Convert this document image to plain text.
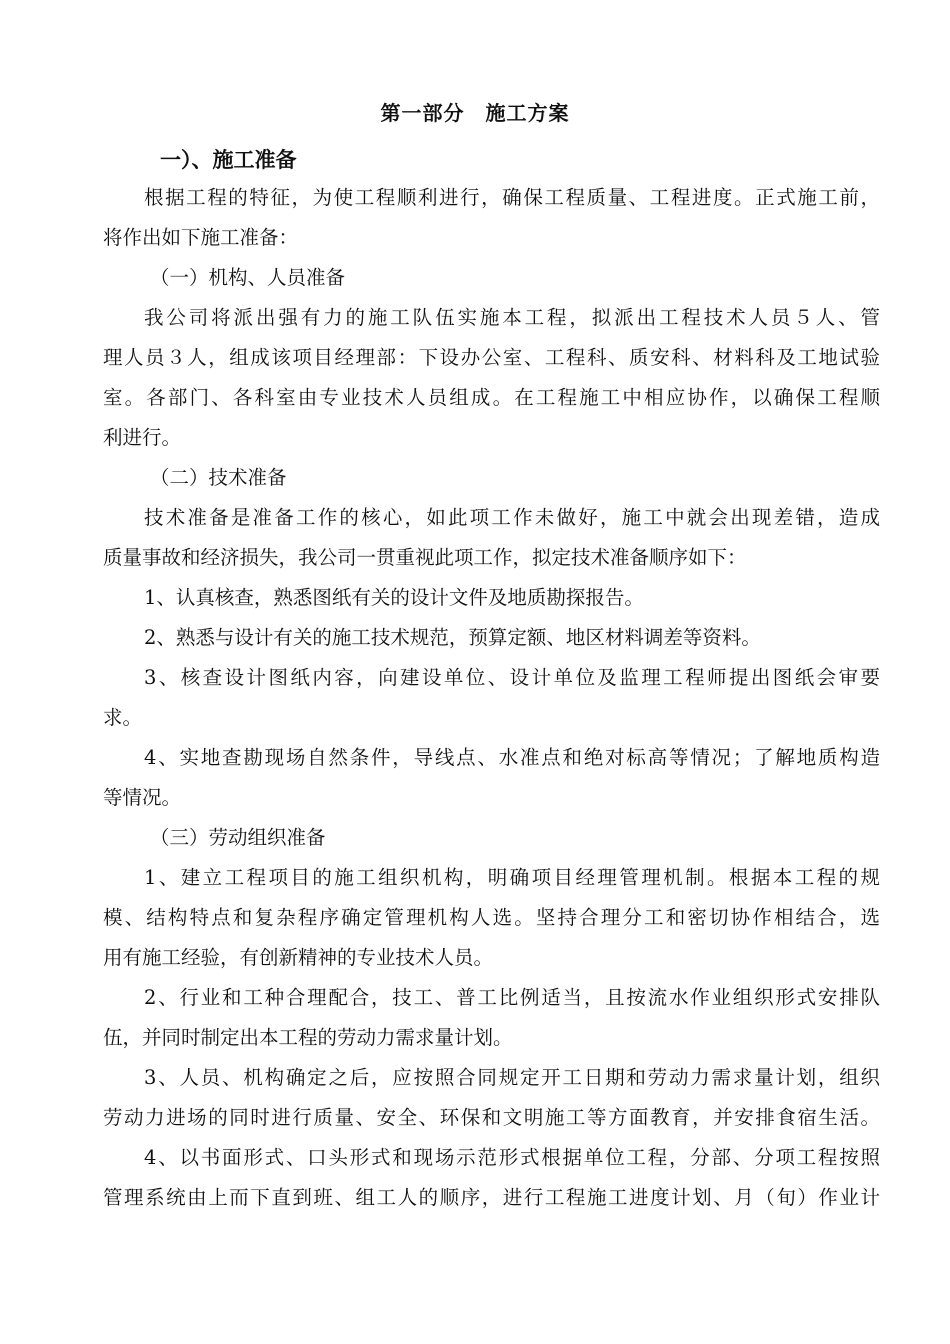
第一部分　施工方案
一）、施工准备
根据工程的特征，为使工程顺利进行，确保工程质量、工程进度。正式施工前，
将作出如下施工准备：
（一）机构、人员准备
我公司将派出强有力的施工队伍实施本工程，拟派出工程技术人员５人、管
理人员３人，组成该项目经理部：下设办公室、工程科、质安科、材料科及工地试验
室。各部门、各科室由专业技术人员组成。在工程施工中相应协作，以确保工程顺
利进行。
（二）技术准备
技术准备是准备工作的核心，如此项工作未做好，施工中就会出现差错，造成
质量事故和经济损失，我公司一贯重视此项工作，拟定技术准备顺序如下：
1、认真核查，熟悉图纸有关的设计文件及地质勘探报告。
2、熟悉与设计有关的施工技术规范，预算定额、地区材料调差等资料。
3、核查设计图纸内容，向建设单位、设计单位及监理工程师提出图纸会审要
求。
4、实地查勘现场自然条件，导线点、水准点和绝对标高等情况；了解地质构造
等情况。
（三）劳动组织准备
1、建立工程项目的施工组织机构，明确项目经理管理机制。根据本工程的规
模、结构特点和复杂程序确定管理机构人选。坚持合理分工和密切协作相结合，选
用有施工经验，有创新精神的专业技术人员。
2、行业和工种合理配合，技工、普工比例适当，且按流水作业组织形式安排队
伍，并同时制定出本工程的劳动力需求量计划。
3、人员、机构确定之后，应按照合同规定开工日期和劳动力需求量计划，组织
劳动力进场的同时进行质量、安全、环保和文明施工等方面教育，并安排食宿生活。
4、以书面形式、口头形式和现场示范形式根据单位工程，分部、分项工程按照
管理系统由上而下直到班、组工人的顺序，进行工程施工进度计划、月（旬）作业计
